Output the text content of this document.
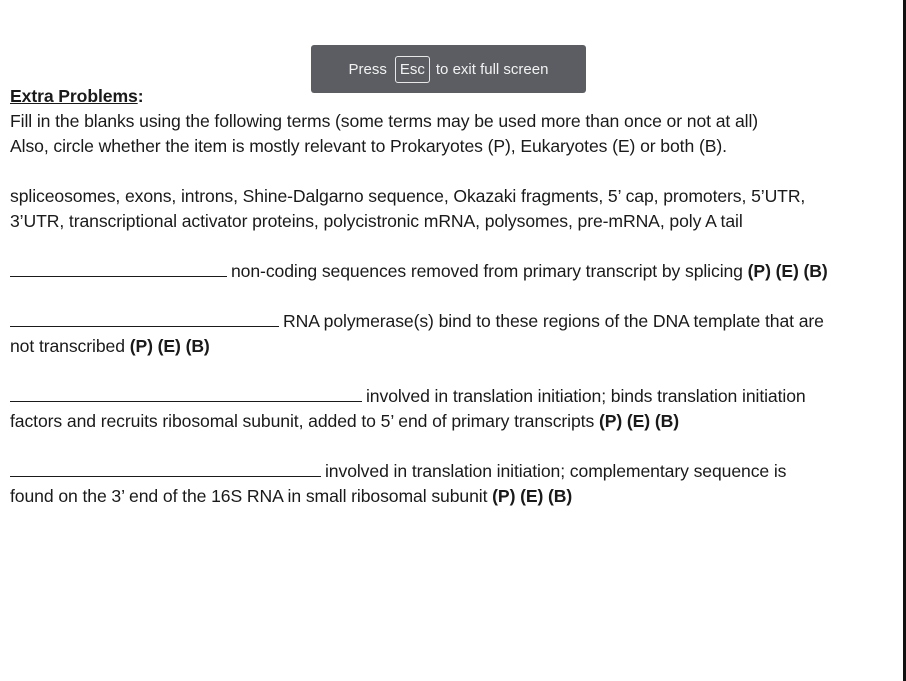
Press Esc to exit full screen

Extra Problems:

Fill in the blanks using the following terms (some terms may be used more than once or not at all)
Also, circle whether the item is mostly relevant to Prokaryotes (P), Eukaryotes (E) or both (B).

spliceosomes, exons, introns, Shine-Dalgarno sequence, Okazaki fragments, 5’ cap, promoters, 5’UTR,
3’UTR, transcriptional activator proteins, polycistronic mRNA, polysomes, pre-mRNA, poly A tail

non-coding sequences removed from primary transcript by splicing (P) (E) (B)

RNA polymerase(s) bind to these regions of the DNA template that are
not transcribed (P) (E) (B)

involved in translation initiation; binds translation initiation
factors and recruits ribosomal subunit, added to 5’ end of primary transcripts (P) (E) (B)

involved in translation initiation; complementary sequence is
found on the 3’ end of the 16S RNA in small ribosomal subunit (P) (E) (B)
